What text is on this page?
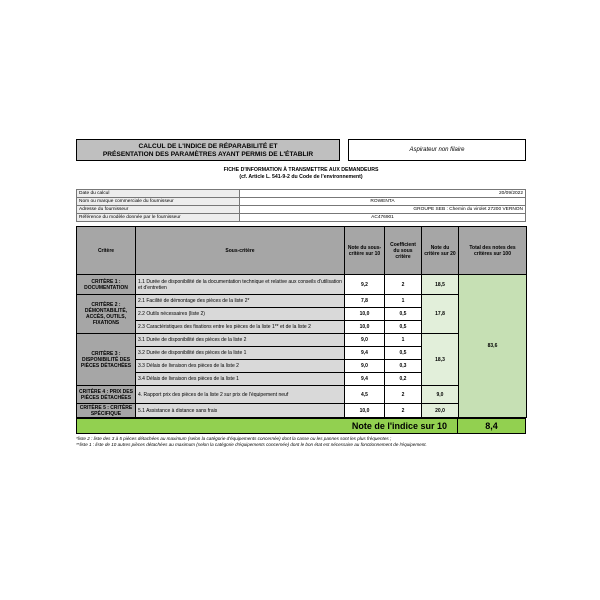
CALCUL DE L'INDICE DE RÉPARABILITÉ ET
PRÉSENTATION DES PARAMÈTRES AYANT PERMIS DE L'ÉTABLIR
Aspirateur non filaire
FICHE D'INFORMATION À TRANSMETTRE AUX DEMANDEURS
(cf. Article L. 541-9-2 du Code de l'environnement)
Date du calcul	20/09/2022
Nom ou marque commerciale du fournisseur	ROWENTA
Adresse du fournisseur	GROUPE SEB : Chemin du virolet 27200 VERNON
Référence du modèle donnée par le fournisseur	AC476901
Critère	Sous-critère	Note du sous-critère sur 10	Coefficient du sous critère	Note du critère sur 20	Total des notes des critères sur 100
CRITÈRE 1 : DOCUMENTATION	1.1 Durée de disponibilité de la documentation technique et relative aux conseils d'utilisation et d'entretien	9,2	2	18,5	83,6
CRITÈRE 2 : DÉMONTABILITÉ, ACCÈS, OUTILS, FIXATIONS	2.1 Facilité de démontage des pièces de la liste 2*	7,8	1	17,8	
	2.2 Outils nécessaires (liste 2)	10,0	0,5		
	2.3 Caractéristiques des fixations entre les pièces de la liste 1** et de la liste 2	10,0	0,5		
CRITÈRE 3 : DISPONIBILITÉ DES PIÈCES DÉTACHÉES	3.1 Durée de disponibilité des pièces de la liste 2	9,0	1	18,3	
	3.2 Durée de disponibilité des pièces de la liste 1	9,4	0,5		
	3.3 Délais de livraison des pièces de la liste 2	9,0	0,3		
	3.4 Délais de livraison des pièces de la liste 1	9,4	0,2		
CRITÈRE 4 : PRIX DES PIÈCES DÉTACHÉES	4. Rapport prix des pièces de la liste 2 sur prix de l'équipement neuf	4,5	2	9,0	
CRITÈRE 5 : CRITÈRE SPÉCIFIQUE	5.1 Assistance à distance sans frais	10,0	2	20,0	
Note de l'indice sur 10	8,4
*liste 2 : liste des 3 à 5 pièces détachées au maximum (selon la catégorie d'équipements concernée) dont la casse ou les pannes sont les plus fréquentes ;
**liste 1 : liste de 10 autres pièces détachées au maximum (selon la catégorie d'équipements concernée) dont le bon état est nécessaire au fonctionnement de l'équipement.
